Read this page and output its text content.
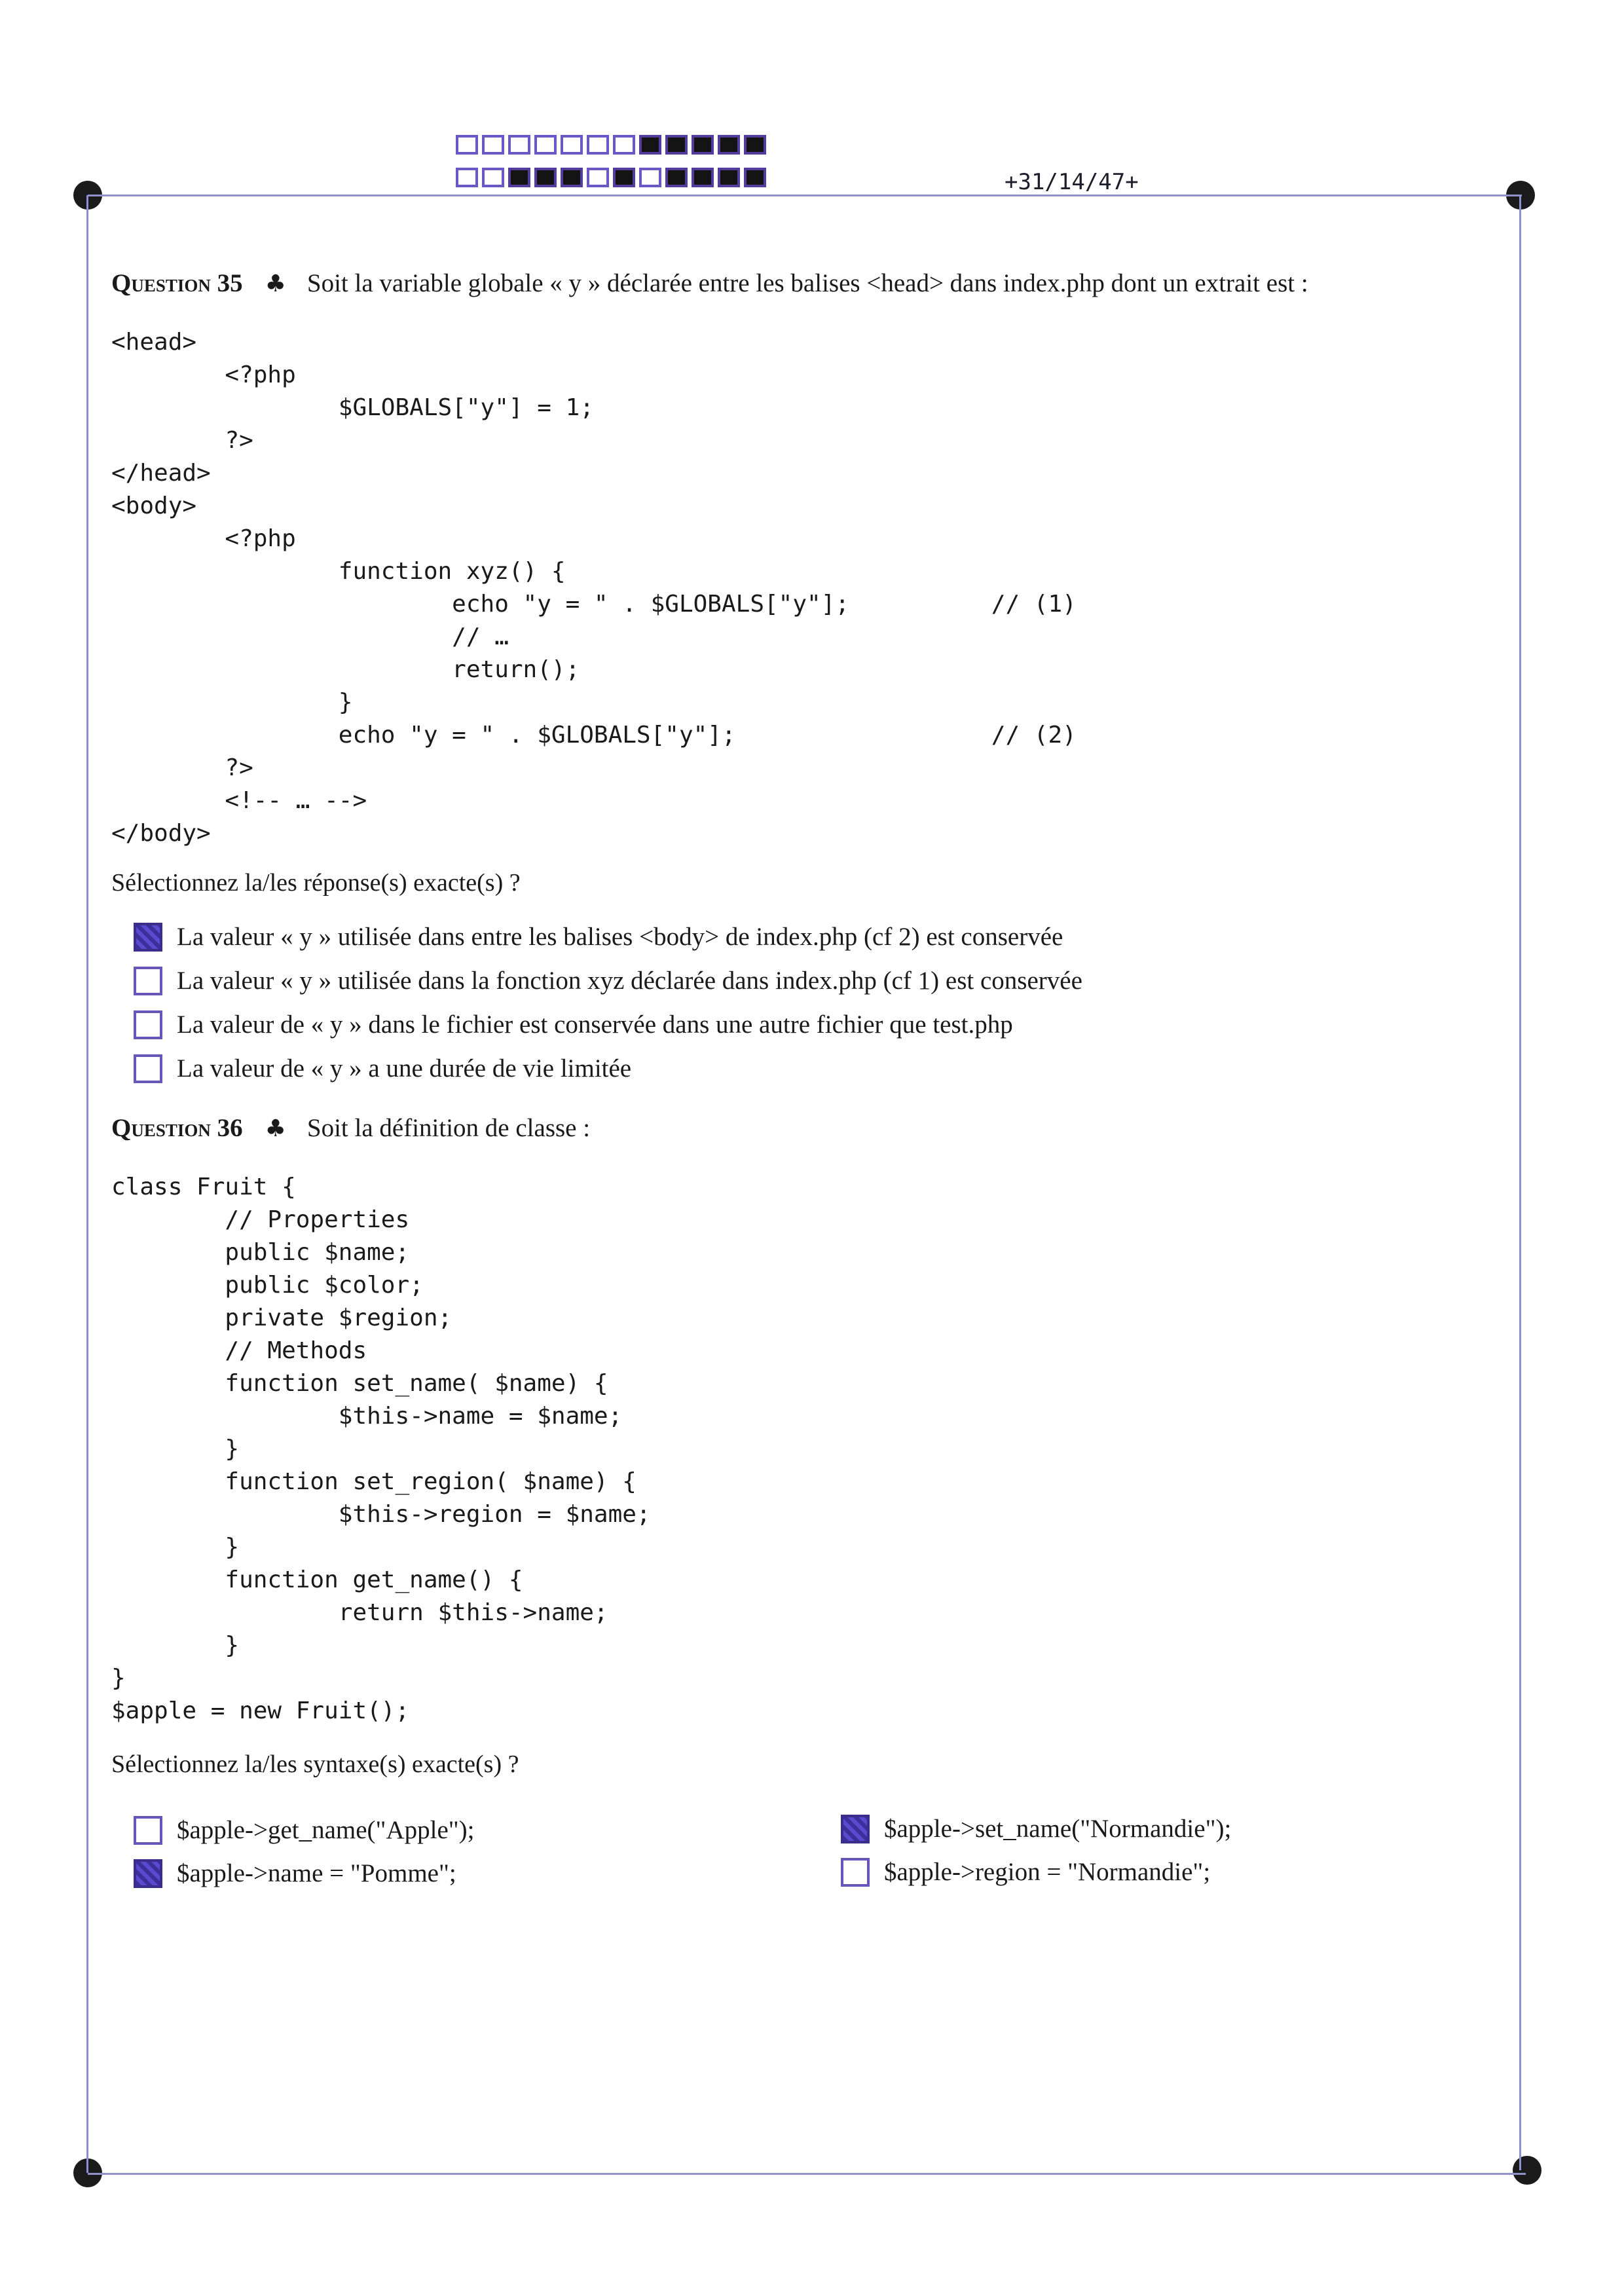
+31/14/47+
Question 35 ♣ Soit la variable globale « y » déclarée entre les balises <head> dans index.php dont un extrait est :
<head>
<?php
$GLOBALS["y"] = 1;
?>
</head>
<body>
<?php
function xyz() {
echo "y = " . $GLOBALS["y"];          // (1)
// …
return();
}
echo "y = " . $GLOBALS["y"];                  // (2)
?>
<!-- … -->
</body>
Sélectionnez la/les réponse(s) exacte(s) ?
La valeur « y » utilisée dans entre les balises <body> de index.php (cf 2) est conservée
La valeur « y » utilisée dans la fonction xyz déclarée dans index.php (cf 1) est conservée
La valeur de « y » dans le fichier est conservée dans une autre fichier que test.php
La valeur de « y » a une durée de vie limitée
Question 36 ♣ Soit la définition de classe :
class Fruit {
// Properties
public $name;
public $color;
private $region;
// Methods
function set_name( $name) {
$this->name = $name;
}
function set_region( $name) {
$this->region = $name;
}
function get_name() {
return $this->name;
}
}
$apple = new Fruit();
Sélectionnez la/les syntaxe(s) exacte(s) ?
$apple->get_name("Apple");	$apple->set_name("Normandie");
$apple->name = "Pomme";	$apple->region = "Normandie";
